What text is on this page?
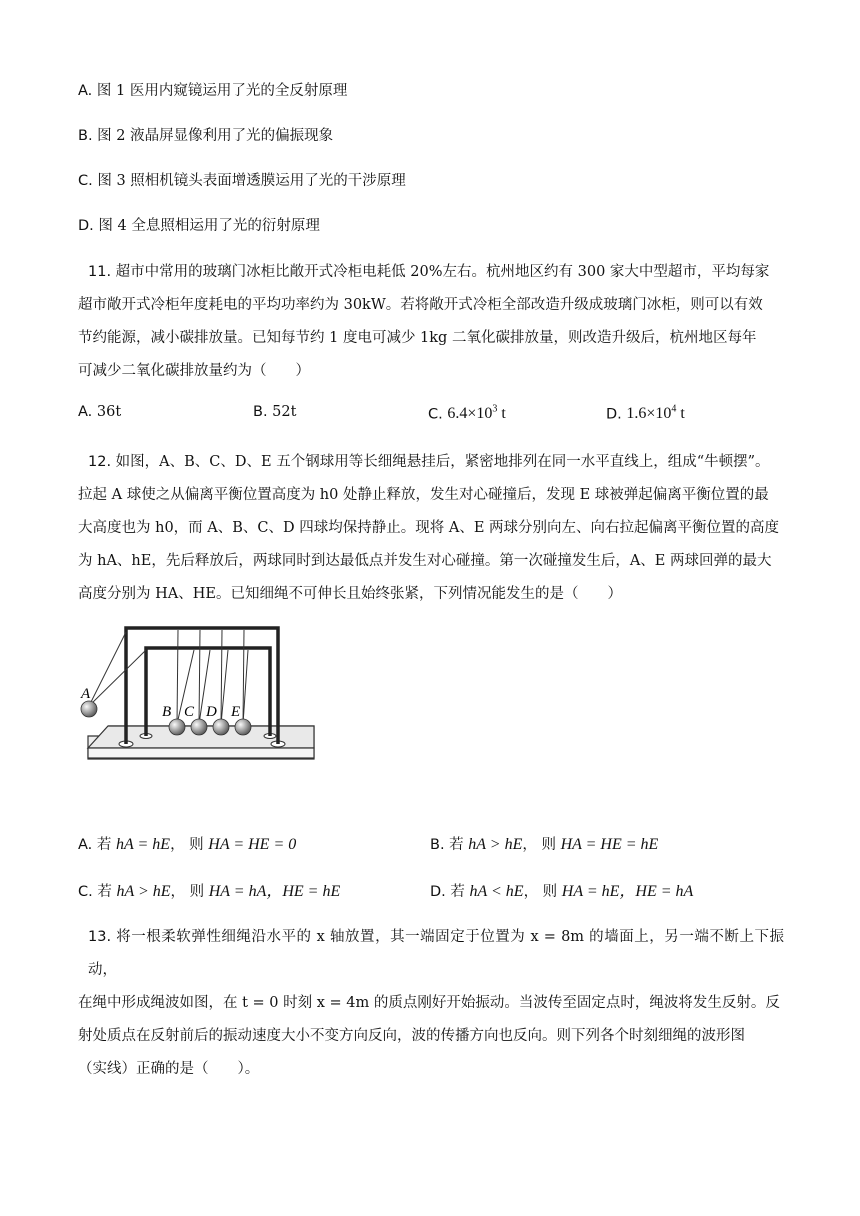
A. 图 1 医用内窥镜运用了光的全反射原理
B. 图 2 液晶屏显像利用了光的偏振现象
C. 图 3 照相机镜头表面增透膜运用了光的干涉原理
D. 图 4 全息照相运用了光的衍射原理
11. 超市中常用的玻璃门冰柜比敞开式冷柜电耗低 20%左右。杭州地区约有 300 家大中型超市，平均每家
超市敞开式冷柜年度耗电的平均功率约为 30kW。若将敞开式冷柜全部改造升级成玻璃门冰柜，则可以有效
节约能源，减小碳排放量。已知每节约 1 度电可减少 1kg 二氧化碳排放量，则改造升级后，杭州地区每年
可减少二氧化碳排放量约为（　　）
A. 36t	B. 52t	C. $6.4\times 10^3$ t	D. $1.6\times 10^4$ t
12. 如图，A、B、C、D、E 五个钢球用等长细绳悬挂后，紧密地排列在同一水平直线上，组成“牛顿摆”。
拉起 A 球使之从偏离平衡位置高度为 h0 处静止释放，发生对心碰撞后，发现 E 球被弹起偏离平衡位置的最
大高度也为 h0，而 A、B、C、D 四球均保持静止。现将 A、E 两球分别向左、向右拉起偏离平衡位置的高度
为 hA、hE，先后释放后，两球同时到达最低点并发生对心碰撞。第一次碰撞发生后，A、E 两球回弹的最大
高度分别为 HA、HE。已知细绳不可伸长且始终张紧，下列情况能发生的是（　　）
A
B C D E
A. 若 hA = hE， 则 HA = HE = 0	B. 若 hA > hE， 则 HA = HE = hE
C. 若 hA > hE， 则 HA = hA，HE = hE	D. 若 hA < hE， 则 HA = hE，HE = hA
13. 将一根柔软弹性细绳沿水平的 x 轴放置，其一端固定于位置为 x = 8m 的墙面上，另一端不断上下振动，
在绳中形成绳波如图，在 t = 0 时刻 x = 4m 的质点刚好开始振动。当波传至固定点时，绳波将发生反射。反
射处质点在反射前后的振动速度大小不变方向反向，波的传播方向也反向。则下列各个时刻细绳的波形图
（实线）正确的是（　　）。
